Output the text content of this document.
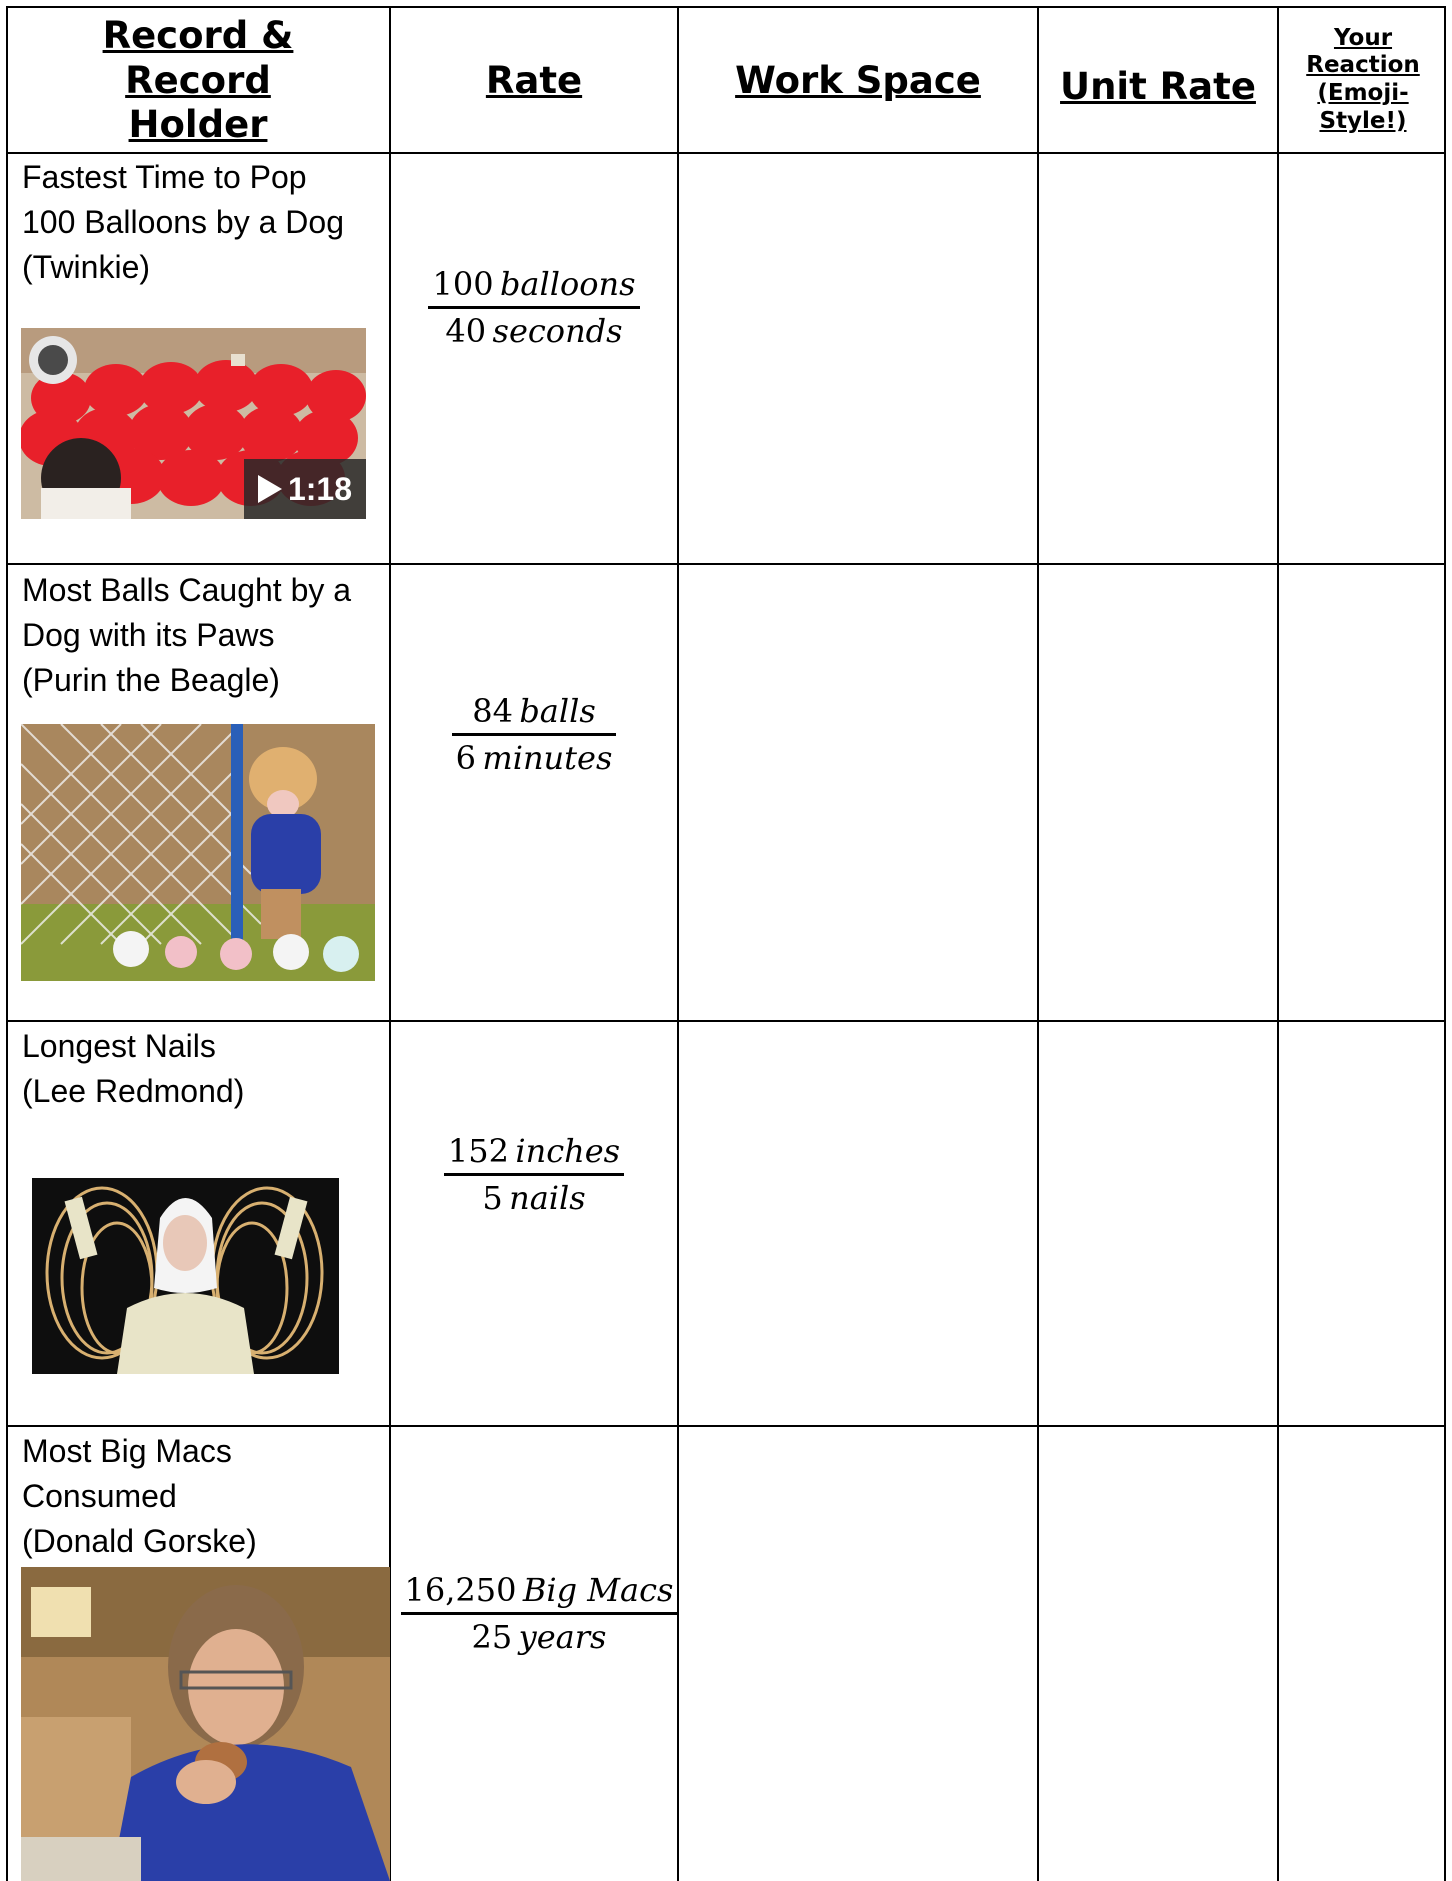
Record & Record Holder
Rate	Work Space	Unit Rate
Your Reaction (Emoji-Style!)
Fastest Time to Pop
100 Balloons by a Dog
(Twinkie)
1:18
$\frac{\text{100  balloons}}{\text{40  seconds}}$
Most Balls Caught by a
Dog with its Paws
(Purin the Beagle)
$\frac{\text{84  balls}}{\text{6  minutes}}$
Longest Nails
(Lee Redmond)
$\frac{\text{152  inches}}{\text{5  nails}}$
Most Big Macs
Consumed
(Donald Gorske)
$\frac{\text{16,250  Big Macs}}{\text{25  years}}$
